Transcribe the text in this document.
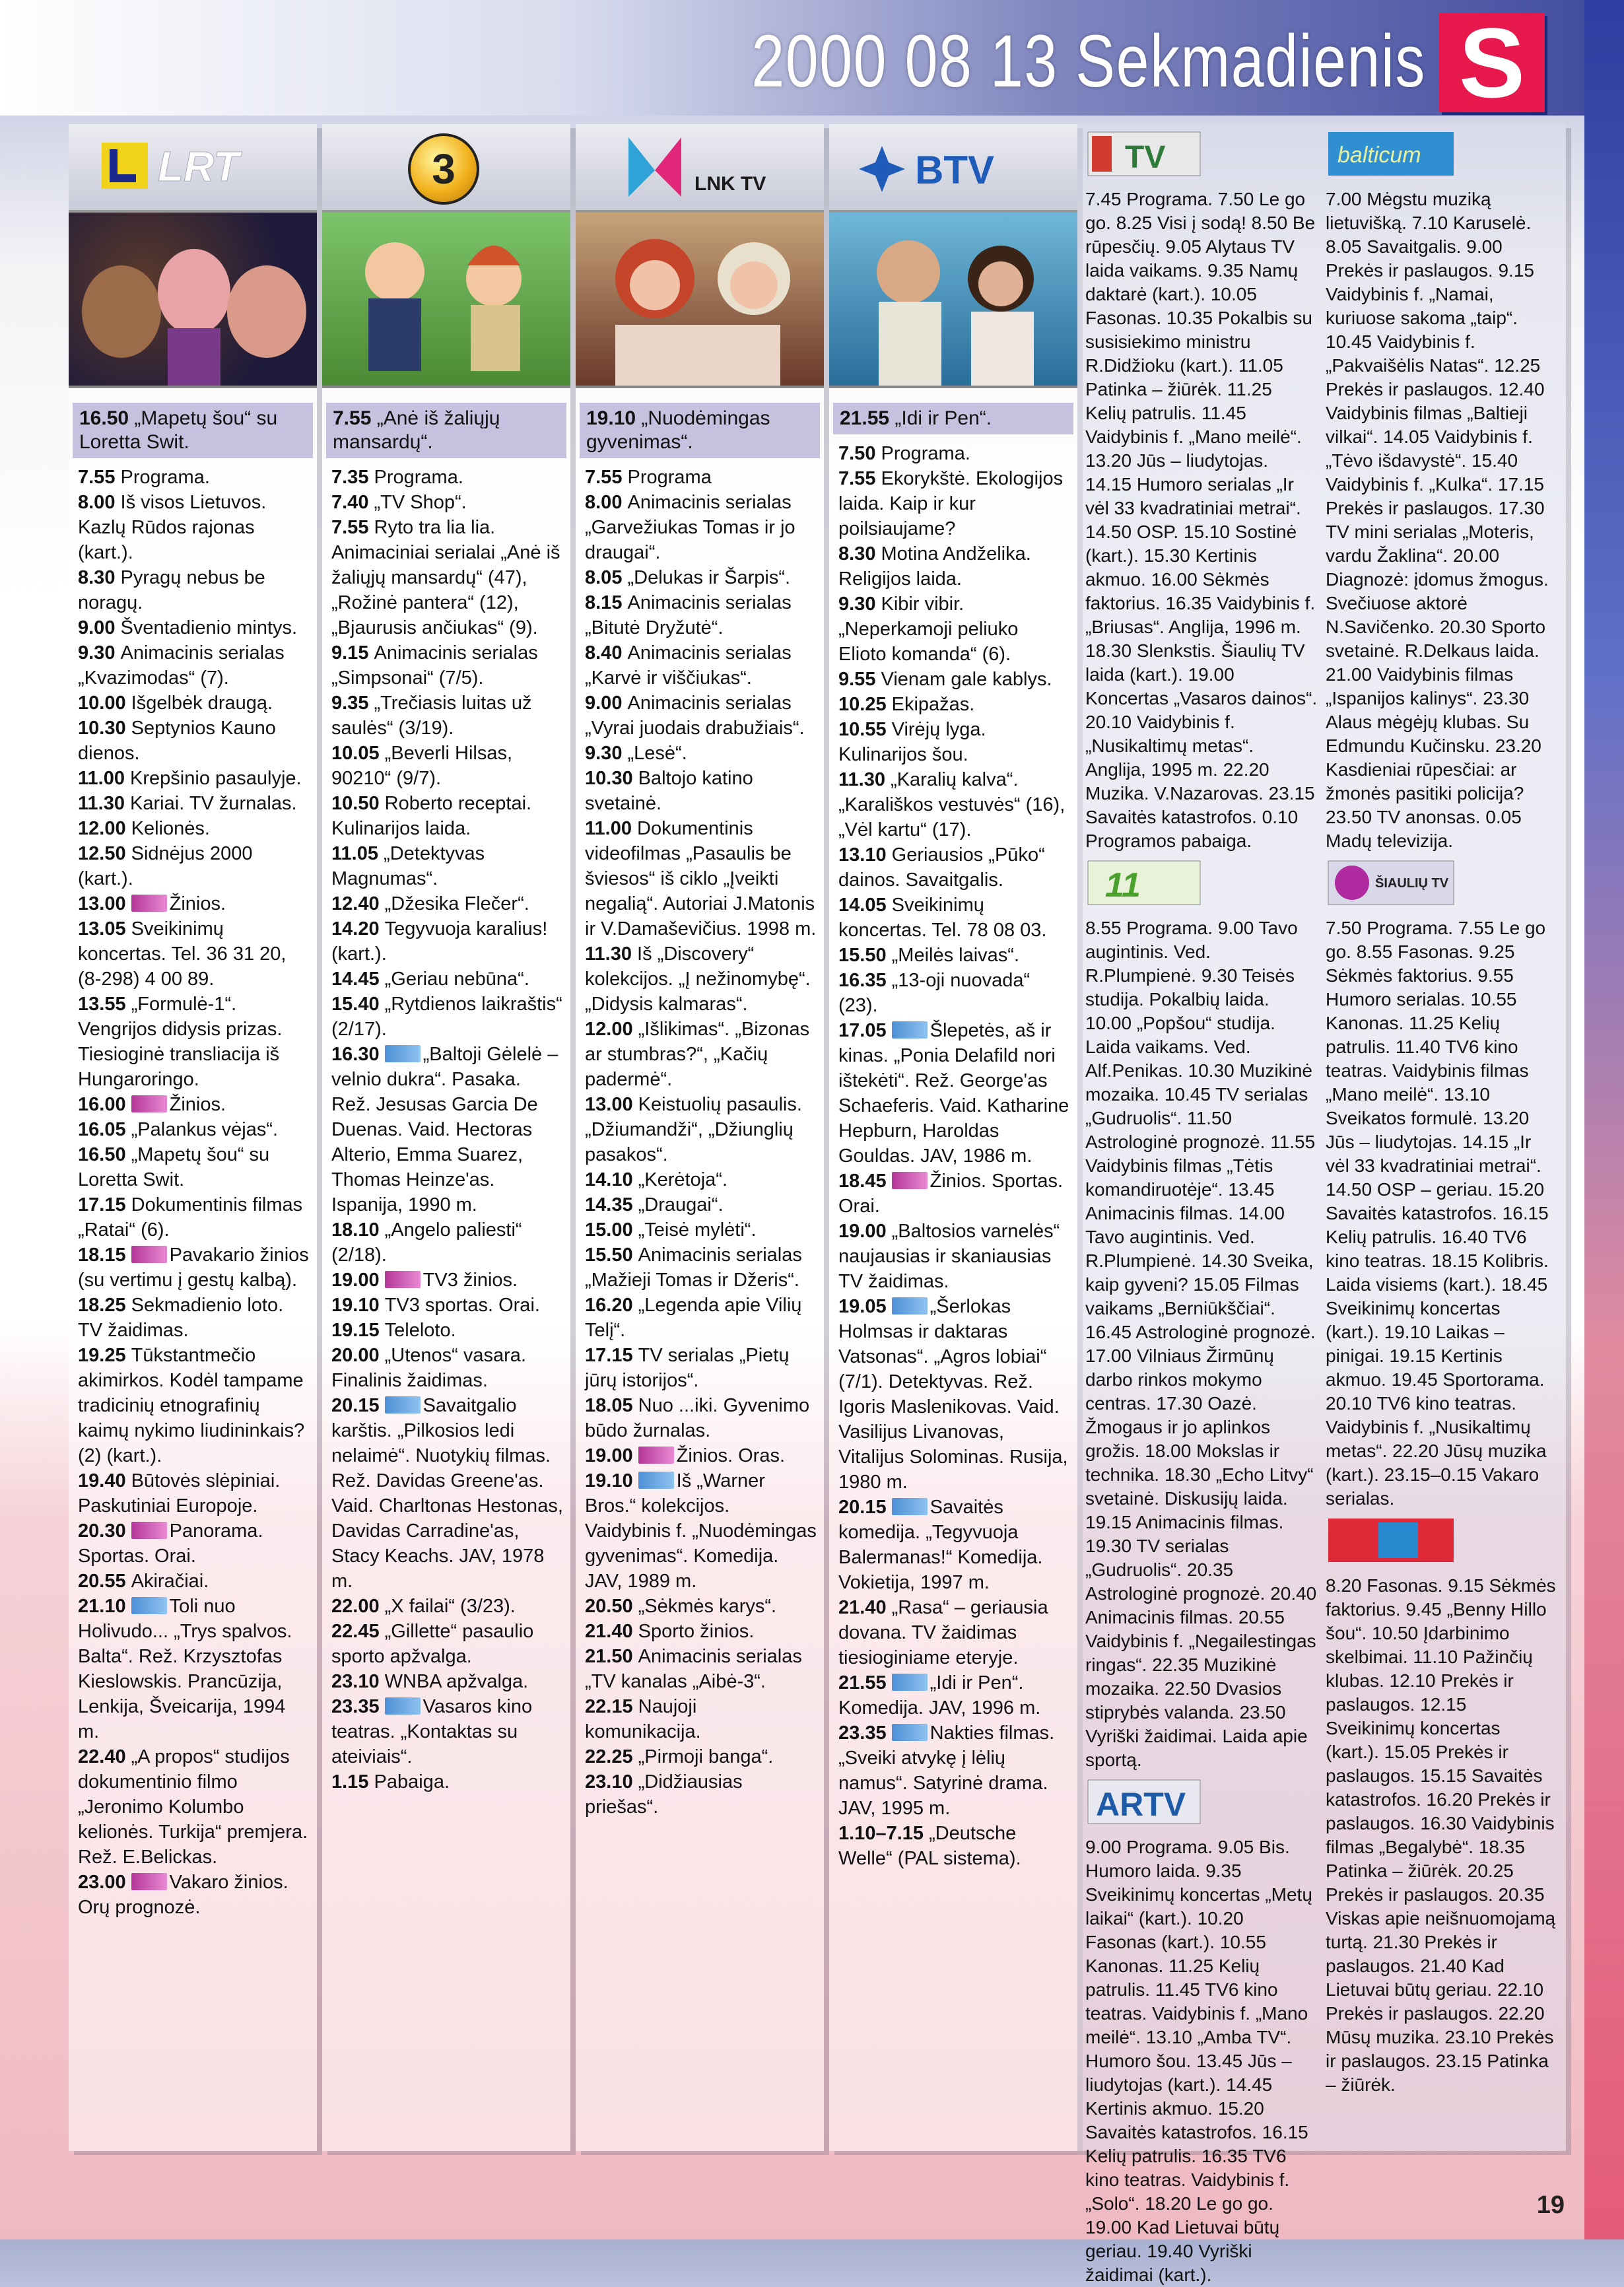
2000 08 13 Sekmadienis S
LRT
16.50 „Mapetų šou“ su Loretta Swit.

7.55 Programa.

8.00 Iš visos Lietuvos. Kazlų Rūdos rajonas (kart.).

8.30 Pyragų nebus be noragų.

9.00 Šventadienio mintys.

9.30 Animacinis serialas „Kvazimodas“ (7).

10.00 Išgelbėk draugą.

10.30 Septynios Kauno dienos.

11.00 Krepšinio pasaulyje.

11.30 Kariai. TV žurnalas.

12.00 Kelionės.

12.50 Sidnėjus 2000 (kart.).

13.00 Žinios.

13.05 Sveikinimų koncertas. Tel. 36 31 20, (8-298) 4 00 89.

13.55 „Formulė-1“. Vengrijos didysis prizas. Tiesioginė transliacija iš Hungaroringo.

16.00 Žinios.

16.05 „Palankus vėjas“.

16.50 „Mapetų šou“ su Loretta Swit.

17.15 Dokumentinis filmas „Ratai“ (6).

18.15 Pavakario žinios (su vertimu į gestų kalbą).

18.25 Sekmadienio loto. TV žaidimas.

19.25 Tūkstantmečio akimirkos. Kodėl tampame tradicinių etnografinių kaimų nykimo liudininkais? (2) (kart.).

19.40 Būtovės slėpiniai. Paskutiniai Europoje.

20.30 Panorama. Sportas. Orai.

20.55 Akiračiai.

21.10 Toli nuo Holivudo... „Trys spalvos. Balta“. Rež. Krzysztofas Kieslowskis. Prancūzija, Lenkija, Šveicarija, 1994 m.

22.40 „A propos“ studijos dokumentinio filmo „Jeronimo Kolumbo kelionės. Turkija“ premjera. Rež. E.Belickas.

23.00 Vakaro žinios. Orų prognozė.

3
7.55 „Anė iš žaliųjų mansardų“.

7.35 Programa.

7.40 „TV Shop“.

7.55 Ryto tra lia lia. Animaciniai serialai „Anė iš žaliųjų mansardų“ (47), „Rožinė pantera“ (12), „Bjaurusis ančiukas“ (9).

9.15 Animacinis serialas „Simpsonai“ (7/5).

9.35 „Trečiasis luitas už saulės“ (3/19).

10.05 „Beverli Hilsas, 90210“ (9/7).

10.50 Roberto receptai. Kulinarijos laida.

11.05 „Detektyvas Magnumas“.

12.40 „Džesika Flečer“.

14.20 Tegyvuoja karalius! (kart.).

14.45 „Geriau nebūna“.

15.40 „Rytdienos laikraštis“ (2/17).

16.30 „Baltoji Gėlelė – velnio dukra“. Pasaka. Rež. Jesusas Garcia De Duenas. Vaid. Hectoras Alterio, Emma Suarez, Thomas Heinze'as. Ispanija, 1990 m.

18.10 „Angelo paliesti“ (2/18).

19.00 TV3 žinios.

19.10 TV3 sportas. Orai.

19.15 Teleloto.

20.00 „Utenos“ vasara. Finalinis žaidimas.

20.15 Savaitgalio karštis. „Pilkosios ledi nelaimė“. Nuotykių filmas. Rež. Davidas Greene'as. Vaid. Charltonas Hestonas, Davidas Carradine'as, Stacy Keachs. JAV, 1978 m.

22.00 „X failai“ (3/23).

22.45 „Gillette“ pasaulio sporto apžvalga.

23.10 WNBA apžvalga.

23.35 Vasaros kino teatras. „Kontaktas su ateiviais“.

1.15 Pabaiga.

LNK TV
19.10 „Nuodėmingas gyvenimas“.

7.55 Programa

8.00 Animacinis serialas „Garvežiukas Tomas ir jo draugai“.

8.05 „Delukas ir Šarpis“.

8.15 Animacinis serialas „Bitutė Dryžutė“.

8.40 Animacinis serialas „Karvė ir viščiukas“.

9.00 Animacinis serialas „Vyrai juodais drabužiais“.

9.30 „Lesė“.

10.30 Baltojo katino svetainė.

11.00 Dokumentinis videofilmas „Pasaulis be šviesos“ iš ciklo „Įveikti negalią“. Autoriai J.Matonis ir V.Damaševičius. 1998 m.

11.30 Iš „Discovery“ kolekcijos. „Į nežinomybę“. „Didysis kalmaras“.

12.00 „Išlikimas“. „Bizonas ar stumbras?“, „Kačių padermė“.

13.00 Keistuolių pasaulis. „Džiumandži“, „Džiunglių pasakos“.

14.10 „Kerėtoja“.

14.35 „Draugai“.

15.00 „Teisė mylėti“.

15.50 Animacinis serialas „Mažieji Tomas ir Džeris“.

16.20 „Legenda apie Vilių Telį“.

17.15 TV serialas „Pietų jūrų istorijos“.

18.05 Nuo ...iki. Gyvenimo būdo žurnalas.

19.00 Žinios. Oras.

19.10 Iš „Warner Bros.“ kolekcijos. Vaidybinis f. „Nuodėmingas gyvenimas“. Komedija. JAV, 1989 m.

20.50 „Sėkmės karys“.

21.40 Sporto žinios.

21.50 Animacinis serialas „TV kanalas „Aibė-3“.

22.15 Naujoji komunikacija.

22.25 „Pirmoji banga“.

23.10 „Didžiausias priešas“.

BTV
21.55 „Idi ir Pen“.

7.50 Programa.

7.55 Ekorykštė. Ekologijos laida. Kaip ir kur poilsiaujame?

8.30 Motina Andželika. Religijos laida.

9.30 Kibir vibir. „Neperkamoji peliuko Elioto komanda“ (6).

9.55 Vienam gale kablys.

10.25 Ekipažas.

10.55 Virėjų lyga. Kulinarijos šou.

11.30 „Karalių kalva“. „Karališkos vestuvės“ (16), „Vėl kartu“ (17).

13.10 Geriausios „Pūko“ dainos. Savaitgalis.

14.05 Sveikinimų koncertas. Tel. 78 08 03.

15.50 „Meilės laivas“.

16.35 „13-oji nuovada“ (23).

17.05 Šlepetės, aš ir kinas. „Ponia Delafild nori ištekėti“. Rež. George'as Schaeferis. Vaid. Katharine Hepburn, Haroldas Gouldas. JAV, 1986 m.

18.45 Žinios. Sportas. Orai.

19.00 „Baltosios varnelės“ naujausias ir skaniausias TV žaidimas.

19.05 „Šerlokas Holmsas ir daktaras Vatsonas“. „Agros lobiai“ (7/1). Detektyvas. Rež. Igoris Maslenikovas. Vaid. Vasilijus Livanovas, Vitalijus Solominas. Rusija, 1980 m.

20.15 Savaitės komedija. „Tegyvuoja Balermanas!“ Komedija. Vokietija, 1997 m.

21.40 „Rasa“ – geriausia dovana. TV žaidimas tiesioginiame eteryje.

21.55 „Idi ir Pen“. Komedija. JAV, 1996 m.

23.35 Nakties filmas. „Sveiki atvykę į lėlių namus“. Satyrinė drama. JAV, 1995 m.

1.10–7.15 „Deutsche Welle“ (PAL sistema).

TV

7.45 Programa. 7.50 Le go go. 8.25 Visi į sodą! 8.50 Be rūpesčių. 9.05 Alytaus TV laida vaikams. 9.35 Namų daktarė (kart.). 10.05 Fasonas. 10.35 Pokalbis su susisiekimo ministru R.Didžioku (kart.). 11.05 Patinka – žiūrėk. 11.25 Kelių patrulis. 11.45 Vaidybinis f. „Mano meilė“. 13.20 Jūs – liudytojas. 14.15 Humoro serialas „Ir vėl 33 kvadratiniai metrai“. 14.50 OSP. 15.10 Sostinė (kart.). 15.30 Kertinis akmuo. 16.00 Sėkmės faktorius. 16.35 Vaidybinis f. „Briusas“. Anglija, 1996 m. 18.30 Slenkstis. Šiaulių TV laida (kart.). 19.00 Koncertas „Vasaros dainos“. 20.10 Vaidybinis f. „Nusikaltimų metas“. Anglija, 1995 m. 22.20 Muzika. V.Nazarovas. 23.15 Savaitės katastrofos. 0.10 Programos pabaiga.

11

8.55 Programa. 9.00 Tavo augintinis. Ved. R.Plumpienė. 9.30 Teisės studija. Pokalbių laida. 10.00 „Popšou“ studija. Laida vaikams. Ved. Alf.Penikas. 10.30 Muzikinė mozaika. 10.45 TV serialas „Gudruolis“. 11.50 Astrologinė prognozė. 11.55 Vaidybinis filmas „Tėtis komandiruotėje“. 13.45 Animacinis filmas. 14.00 Tavo augintinis. Ved. R.Plumpienė. 14.30 Sveika, kaip gyveni? 15.05 Filmas vaikams „Berniūkščiai“. 16.45 Astrologinė prognozė. 17.00 Vilniaus Žirmūnų darbo rinkos mokymo centras. 17.30 Oazė. Žmogaus ir jo aplinkos grožis. 18.00 Mokslas ir technika. 18.30 „Echo Litvy“ svetainė. Diskusijų laida. 19.15 Animacinis filmas. 19.30 TV serialas „Gudruolis“. 20.35 Astrologinė prognozė. 20.40 Animacinis filmas. 20.55 Vaidybinis f. „Negailestingas ringas“. 22.35 Muzikinė mozaika. 22.50 Dvasios stiprybės valanda. 23.50 Vyriški žaidimai. Laida apie sportą.

ARTV

9.00 Programa. 9.05 Bis. Humoro laida. 9.35 Sveikinimų koncertas „Metų laikai“ (kart.). 10.20 Fasonas (kart.). 10.55 Kanonas. 11.25 Kelių patrulis. 11.45 TV6 kino teatras. Vaidybinis f. „Mano meilė“. 13.10 „Amba TV“. Humoro šou. 13.45 Jūs – liudytojas (kart.). 14.45 Kertinis akmuo. 15.20 Savaitės katastrofos. 16.15 Kelių patrulis. 16.35 TV6 kino teatras. Vaidybinis f. „Solo“. 18.20 Le go go. 19.00 Kad Lietuvai būtų geriau. 19.40 Vyriški žaidimai (kart.).

balticum

7.00 Mėgstu muziką lietuvišką. 7.10 Karuselė. 8.05 Savaitgalis. 9.00 Prekės ir paslaugos. 9.15 Vaidybinis f. „Namai, kuriuose sakoma „taip“. 10.45 Vaidybinis f. „Pakvaišėlis Natas“. 12.25 Prekės ir paslaugos. 12.40 Vaidybinis filmas „Baltieji vilkai“. 14.05 Vaidybinis f. „Tėvo išdavystė“. 15.40 Vaidybinis f. „Kulka“. 17.15 Prekės ir paslaugos. 17.30 TV mini serialas „Moteris, vardu Žaklina“. 20.00 Diagnozė: įdomus žmogus. Svečiuose aktorė N.Savičenko. 20.30 Sporto svetainė. R.Delkaus laida. 21.00 Vaidybinis filmas „Ispanijos kalinys“. 23.30 Alaus mėgėjų klubas. Su Edmundu Kučinsku. 23.20 Kasdieniai rūpesčiai: ar žmonės pasitiki policija? 23.50 TV anonsas. 0.05 Madų televizija.

ŠIAULIŲ TV

7.50 Programa. 7.55 Le go go. 8.55 Fasonas. 9.25 Sėkmės faktorius. 9.55 Humoro serialas. 10.55 Kanonas. 11.25 Kelių patrulis. 11.40 TV6 kino teatras. Vaidybinis filmas „Mano meilė“. 13.10 Sveikatos formulė. 13.20 Jūs – liudytojas. 14.15 „Ir vėl 33 kvadratiniai metrai“. 14.50 OSP – geriau. 15.20 Savaitės katastrofos. 16.15 Kelių patrulis. 16.40 TV6 kino teatras. 18.15 Kolibris. Laida visiems (kart.). 18.45 Sveikinimų koncertas (kart.). 19.10 Laikas – pinigai. 19.15 Kertinis akmuo. 19.45 Sportorama. 20.10 TV6 kino teatras. Vaidybinis f. „Nusikaltimų metas“. 22.20 Jūsų muzika (kart.). 23.15–0.15 Vakaro serialas.

8.20 Fasonas. 9.15 Sėkmės faktorius. 9.45 „Benny Hillo šou“. 10.50 Įdarbinimo skelbimai. 11.10 Pažinčių klubas. 12.10 Prekės ir paslaugos. 12.15 Sveikinimų koncertas (kart.). 15.05 Prekės ir paslaugos. 15.15 Savaitės katastrofos. 16.20 Prekės ir paslaugos. 16.30 Vaidybinis filmas „Begalybė“. 18.35 Patinka – žiūrėk. 20.25 Prekės ir paslaugos. 20.35 Viskas apie neišnuomojamą turtą. 21.30 Prekės ir paslaugos. 21.40 Kad Lietuvai būtų geriau. 22.10 Prekės ir paslaugos. 22.20 Mūsų muzika. 23.10 Prekės ir paslaugos. 23.15 Patinka – žiūrėk.

19
